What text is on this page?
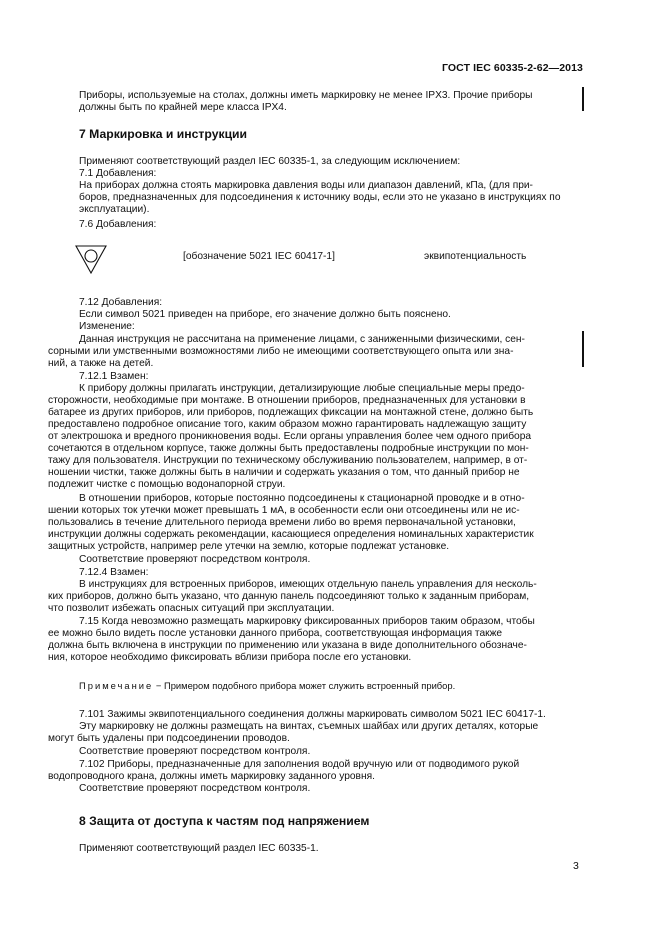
ГОСТ IEC 60335-2-62—2013
Приборы, используемые на столах, должны иметь маркировку не менее IPX3. Прочие приборы
должны быть по крайней мере класса IPX4.
7 Маркировка и инструкции
Применяют соответствующий раздел IEC 60335-1, за следующим исключением:
7.1 Добавления:
На приборах должна стоять маркировка давления воды или диапазон давлений, кПа, (для при-
боров, предназначенных для подсоединения к источнику воды, если это не указано в инструкциях по
эксплуатации).
7.6 Добавления:
[обозначение 5021 IEC 60417-1]	эквипотенциальность
7.12 Добавления:
Если символ 5021 приведен на приборе, его значение должно быть пояснено.
Изменение:
Данная инструкция не рассчитана на применение лицами, с заниженными физическими, сен-
сорными или умственными возможностями либо не имеющими соответствующего опыта или зна-
ний, а также на детей.
7.12.1 Взамен:
К прибору должны прилагать инструкции, детализирующие любые специальные меры предо-
сторожности, необходимые при монтаже. В отношении приборов, предназначенных для установки в
батарее из других приборов, или приборов, подлежащих фиксации на монтажной стене, должно быть
предоставлено подробное описание того, каким образом можно гарантировать надлежащую защиту
от электрошока и вредного проникновения воды. Если органы управления более чем одного прибора
сочетаются в отдельном корпусе, также должны быть предоставлены подробные инструкции по мон-
тажу для пользователя. Инструкции по техническому обслуживанию пользователем, например, в от-
ношении чистки, также должны быть в наличии и содержать указания о том, что данный прибор не
подлежит чистке с помощью водонапорной струи.
В отношении приборов, которые постоянно подсоединены к стационарной проводке и в отно-
шении которых ток утечки может превышать 1 мА, в особенности если они отсоединены или не ис-
пользовались в течение длительного периода времени либо во время первоначальной установки,
инструкции должны содержать рекомендации, касающиеся определения номинальных характеристик
защитных устройств, например реле утечки на землю, которые подлежат установке.
Соответствие проверяют посредством контроля.
7.12.4 Взамен:
В инструкциях для встроенных приборов, имеющих отдельную панель управления для несколь-
ких приборов, должно быть указано, что данную панель подсоединяют только к заданным приборам,
что позволит избежать опасных ситуаций при эксплуатации.
7.15 Когда невозможно размещать маркировку фиксированных приборов таким образом, чтобы
ее можно было видеть после установки данного прибора, соответствующая информация также
должна быть включена в инструкции по применению или указана в виде дополнительного обозначе-
ния, которое необходимо фиксировать вблизи прибора после его установки.
Примечание − Примером подобного прибора может служить встроенный прибор.
7.101 Зажимы эквипотенциального соединения должны маркировать символом 5021 IEC 60417-1.
Эту маркировку не должны размещать на винтах, съемных шайбах или других деталях, которые
могут быть удалены при подсоединении проводов.
Соответствие проверяют посредством контроля.
7.102 Приборы, предназначенные для заполнения водой вручную или от подводимого рукой
водопроводного крана, должны иметь маркировку заданного уровня.
Соответствие проверяют посредством контроля.
8 Защита от доступа к частям под напряжением
Применяют соответствующий раздел IEC 60335-1.
3
